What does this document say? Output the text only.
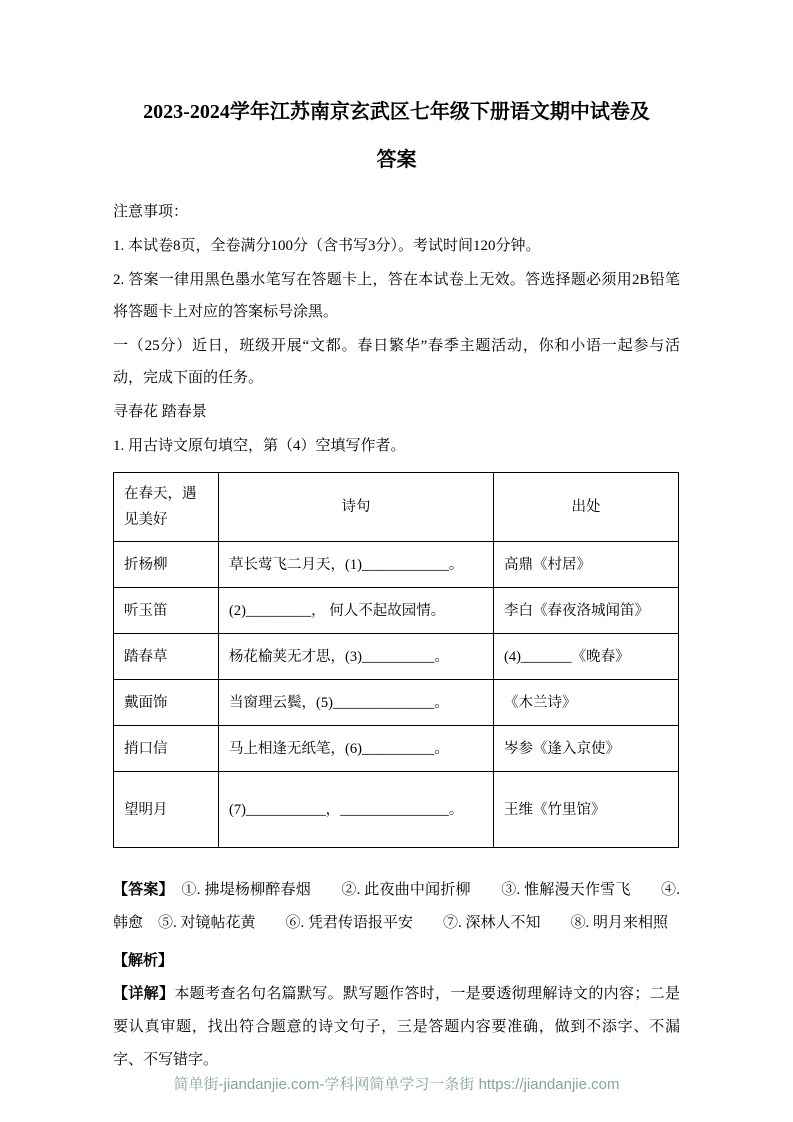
2023-2024学年江苏南京玄武区七年级下册语文期中试卷及
答案

注意事项：

1. 本试卷8页，全卷满分100分（含书写3分）。考试时间120分钟。

2. 答案一律用黑色墨水笔写在答题卡上，答在本试卷上无效。答选择题必须用2B铅笔将答题卡上对应的答案标号涂黑。

一（25分）近日，班级开展“文都。春日繁华”春季主题活动，你和小语一起参与活动，完成下面的任务。

寻春花 踏春景

1. 用古诗文原句填空，第（4）空填写作者。

在春天，遇见美好	诗句	出处
折杨柳	草长莺飞二月天，(1)____________。	高鼎《村居》
听玉笛	(2)_________， 何人不起故园情。	李白《春夜洛城闻笛》
踏春草	杨花榆荚无才思，(3)__________。	(4)_______《晚春》
戴面饰	当窗理云鬓，(5)______________。	《木兰诗》
捎口信	马上相逢无纸笔，(6)__________。	岑参《逢入京使》
望明月	(7)___________，_______________。	王维《竹里馆》

【答案】　①. 拂堤杨柳醉春烟　　②. 此夜曲中闻折柳　　③. 惟解漫天作雪飞　　④. 韩愈　⑤. 对镜帖花黄　　⑥. 凭君传语报平安　　⑦. 深林人不知　　⑧. 明月来相照

【解析】

【详解】本题考查名句名篇默写。默写题作答时，一是要透彻理解诗文的内容；二是要认真审题，找出符合题意的诗文句子，三是答题内容要准确，做到不添字、不漏字、不写错字。

简单街-jiandanjie.com-学科网简单学习一条街 https://jiandanjie.com
